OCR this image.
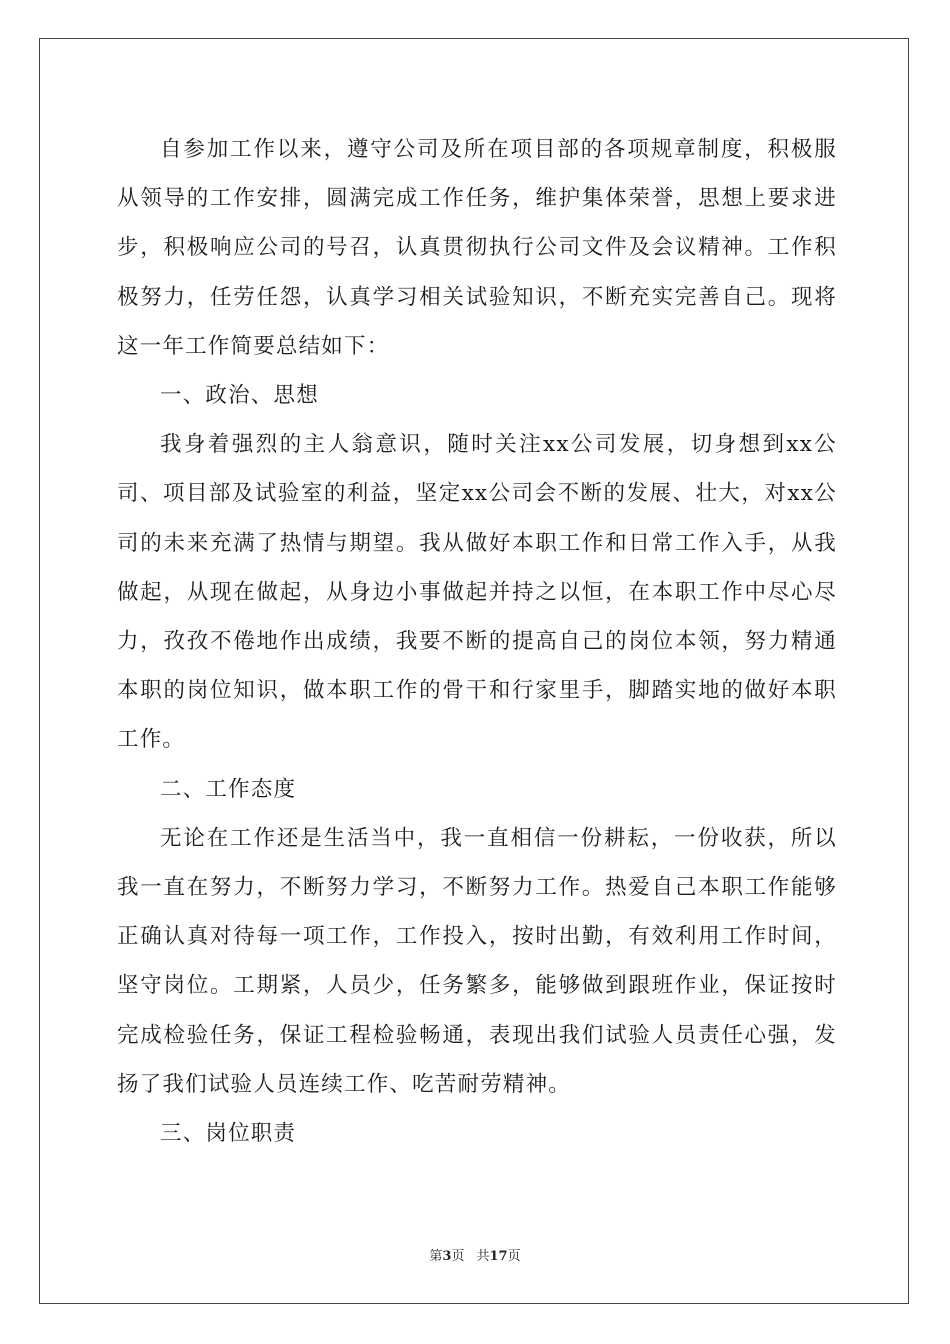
自参加工作以来，遵守公司及所在项目部的各项规章制度，积极服从领导的工作安排，圆满完成工作任务，维护集体荣誉，思想上要求进步，积极响应公司的号召，认真贯彻执行公司文件及会议精神。工作积极努力，任劳任怨，认真学习相关试验知识，不断充实完善自己。现将这一年工作简要总结如下：

一、政治、思想

我身着强烈的主人翁意识，随时关注xx公司发展，切身想到xx公司、项目部及试验室的利益，坚定xx公司会不断的发展、壮大，对xx公司的未来充满了热情与期望。我从做好本职工作和日常工作入手，从我做起，从现在做起，从身边小事做起并持之以恒，在本职工作中尽心尽力，孜孜不倦地作出成绩，我要不断的提高自己的岗位本领，努力精通本职的岗位知识，做本职工作的骨干和行家里手，脚踏实地的做好本职工作。

二、工作态度

无论在工作还是生活当中，我一直相信一份耕耘，一份收获，所以我一直在努力，不断努力学习，不断努力工作。热爱自己本职工作能够正确认真对待每一项工作，工作投入，按时出勤，有效利用工作时间，坚守岗位。工期紧，人员少，任务繁多，能够做到跟班作业，保证按时完成检验任务，保证工程检验畅通，表现出我们试验人员责任心强，发扬了我们试验人员连续工作、吃苦耐劳精神。

三、岗位职责

第3页 共17页
